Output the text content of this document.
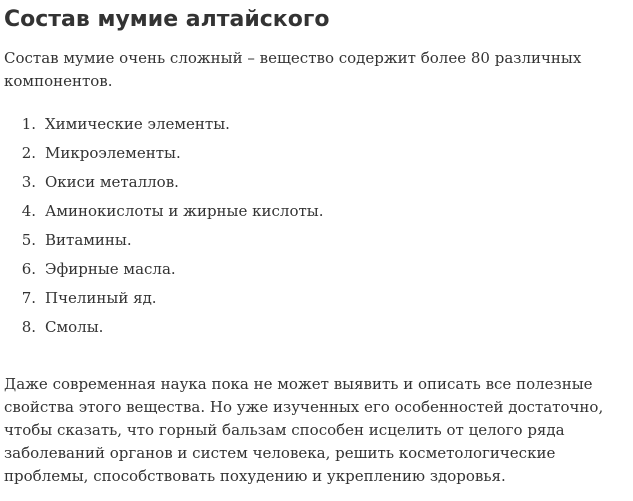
Состав мумие алтайского

Состав мумие очень сложный – вещество содержит более 80 различных компонентов.

1. Химические элементы.
2. Микроэлементы.
3. Окиси металлов.
4. Аминокислоты и жирные кислоты.
5. Витамины.
6. Эфирные масла.
7. Пчелиный яд.
8. Смолы.

Даже современная наука пока не может выявить и описать все полезные свойства этого вещества. Но уже изученных его особенностей достаточно, чтобы сказать, что горный бальзам способен исцелить от целого ряда заболеваний органов и систем человека, решить косметологические проблемы, способствовать похудению и укреплению здоровья.
